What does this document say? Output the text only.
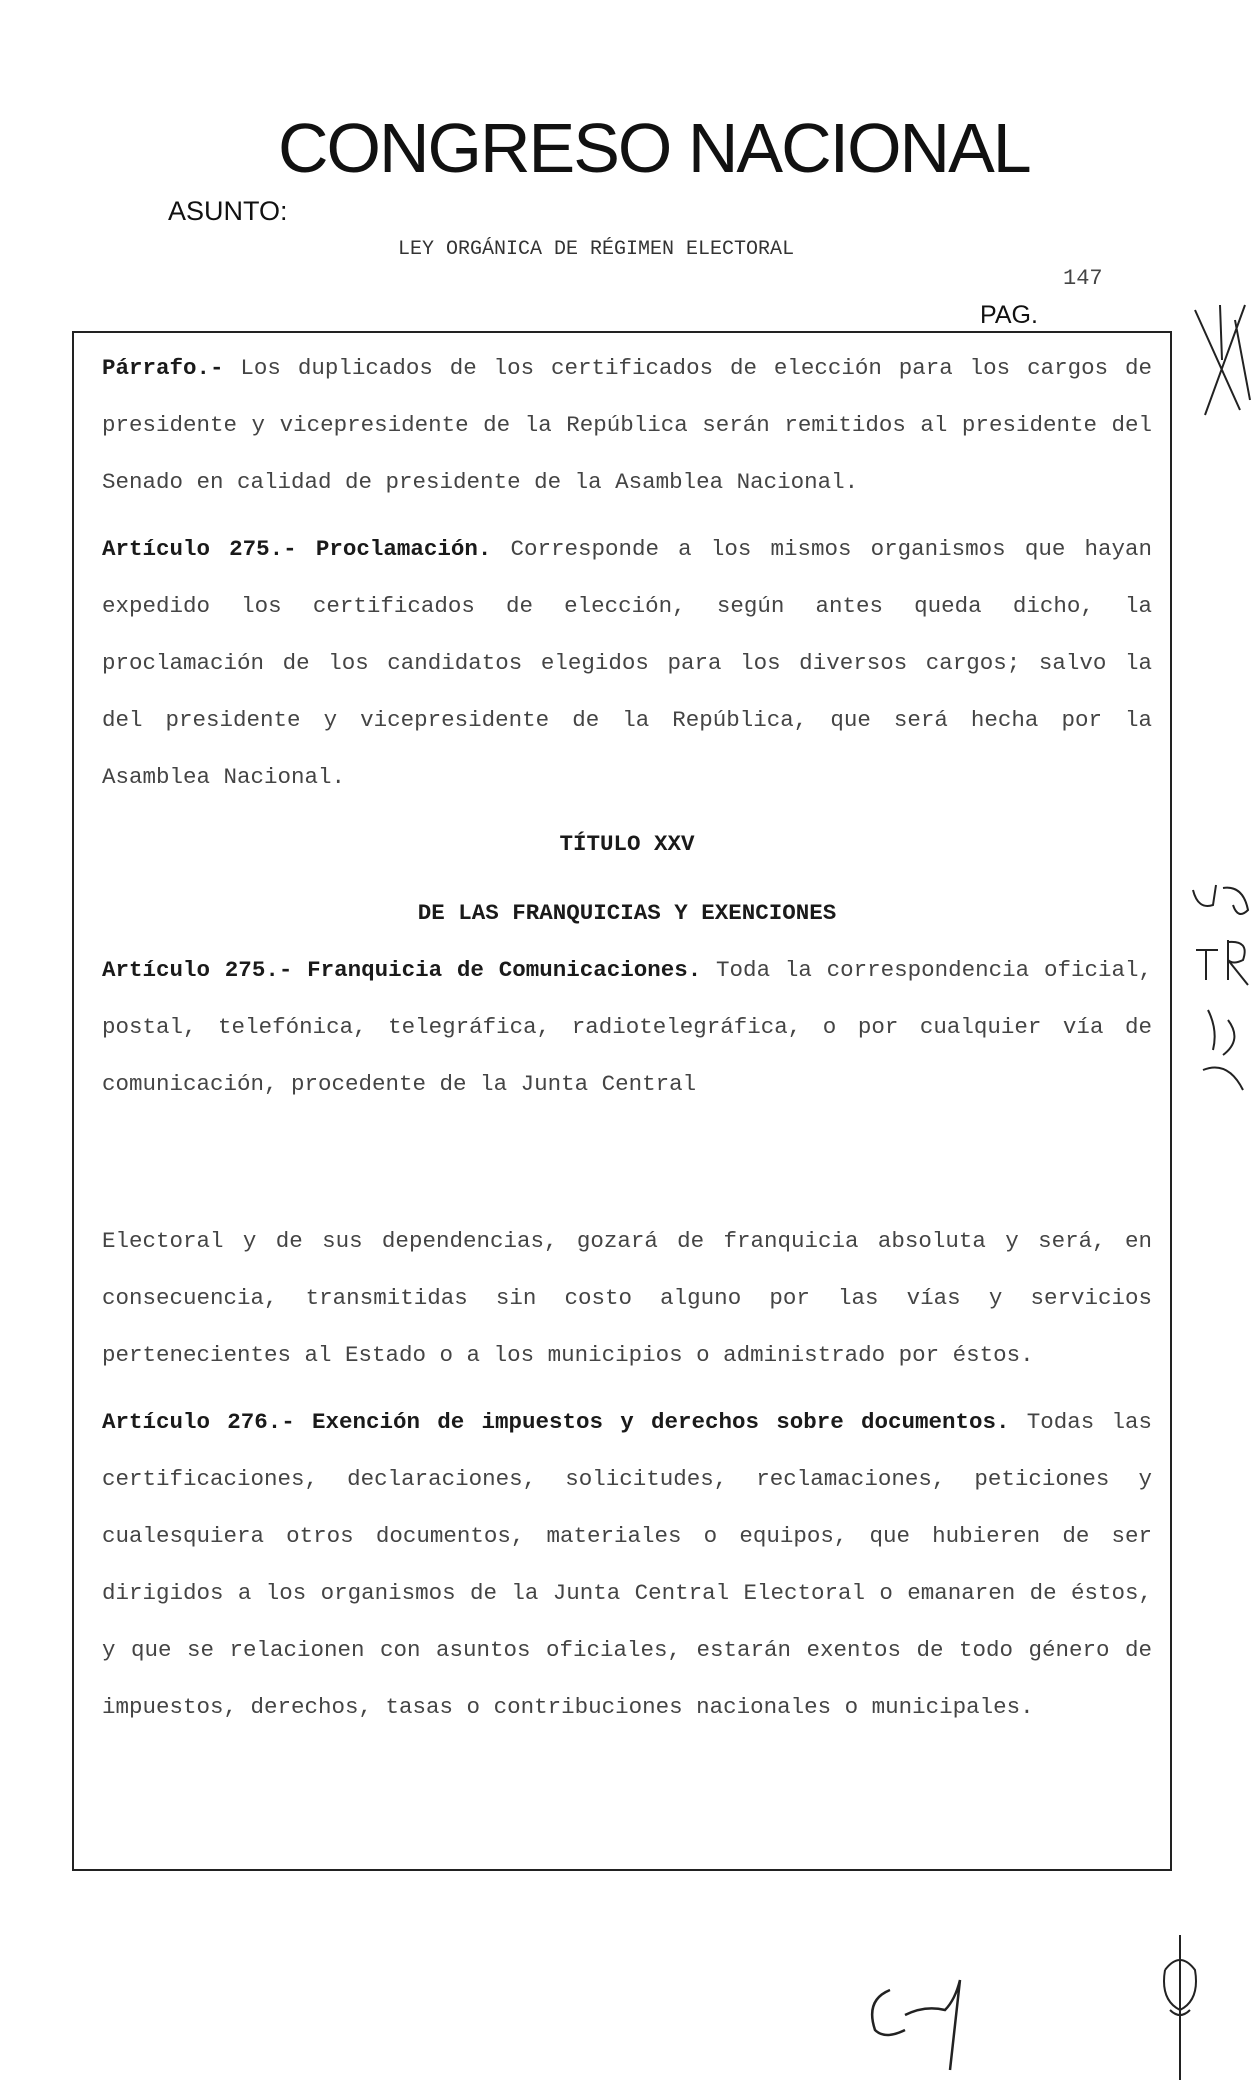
CONGRESO NACIONAL
ASUNTO:
LEY ORGÁNICA DE RÉGIMEN ELECTORAL
147
PAG.

Párrafo.- Los duplicados de los certificados de elección para los cargos de presidente y vicepresidente de la República serán remitidos al presidente del Senado en calidad de presidente de la Asamblea Nacional.

Artículo 275.- Proclamación. Corresponde a los mismos organismos que hayan expedido los certificados de elección, según antes queda dicho, la proclamación de los candidatos elegidos para los diversos cargos; salvo la del presidente y vicepresidente de la República, que será hecha por la Asamblea Nacional.

TÍTULO XXV

DE LAS FRANQUICIAS Y EXENCIONES

Artículo 275.- Franquicia de Comunicaciones. Toda la correspondencia oficial, postal, telefónica, telegráfica, radiotelegráfica, o por cualquier vía de comunicación, procedente de la Junta Central

Electoral y de sus dependencias, gozará de franquicia absoluta y será, en consecuencia, transmitidas sin costo alguno por las vías y servicios pertenecientes al Estado o a los municipios o administrado por éstos.

Artículo 276.- Exención de impuestos y derechos sobre documentos. Todas las certificaciones, declaraciones, solicitudes, reclamaciones, peticiones y cualesquiera otros documentos, materiales o equipos, que hubieren de ser dirigidos a los organismos de la Junta Central Electoral o emanaren de éstos, y que se relacionen con asuntos oficiales, estarán exentos de todo género de impuestos, derechos, tasas o contribuciones nacionales o municipales.
